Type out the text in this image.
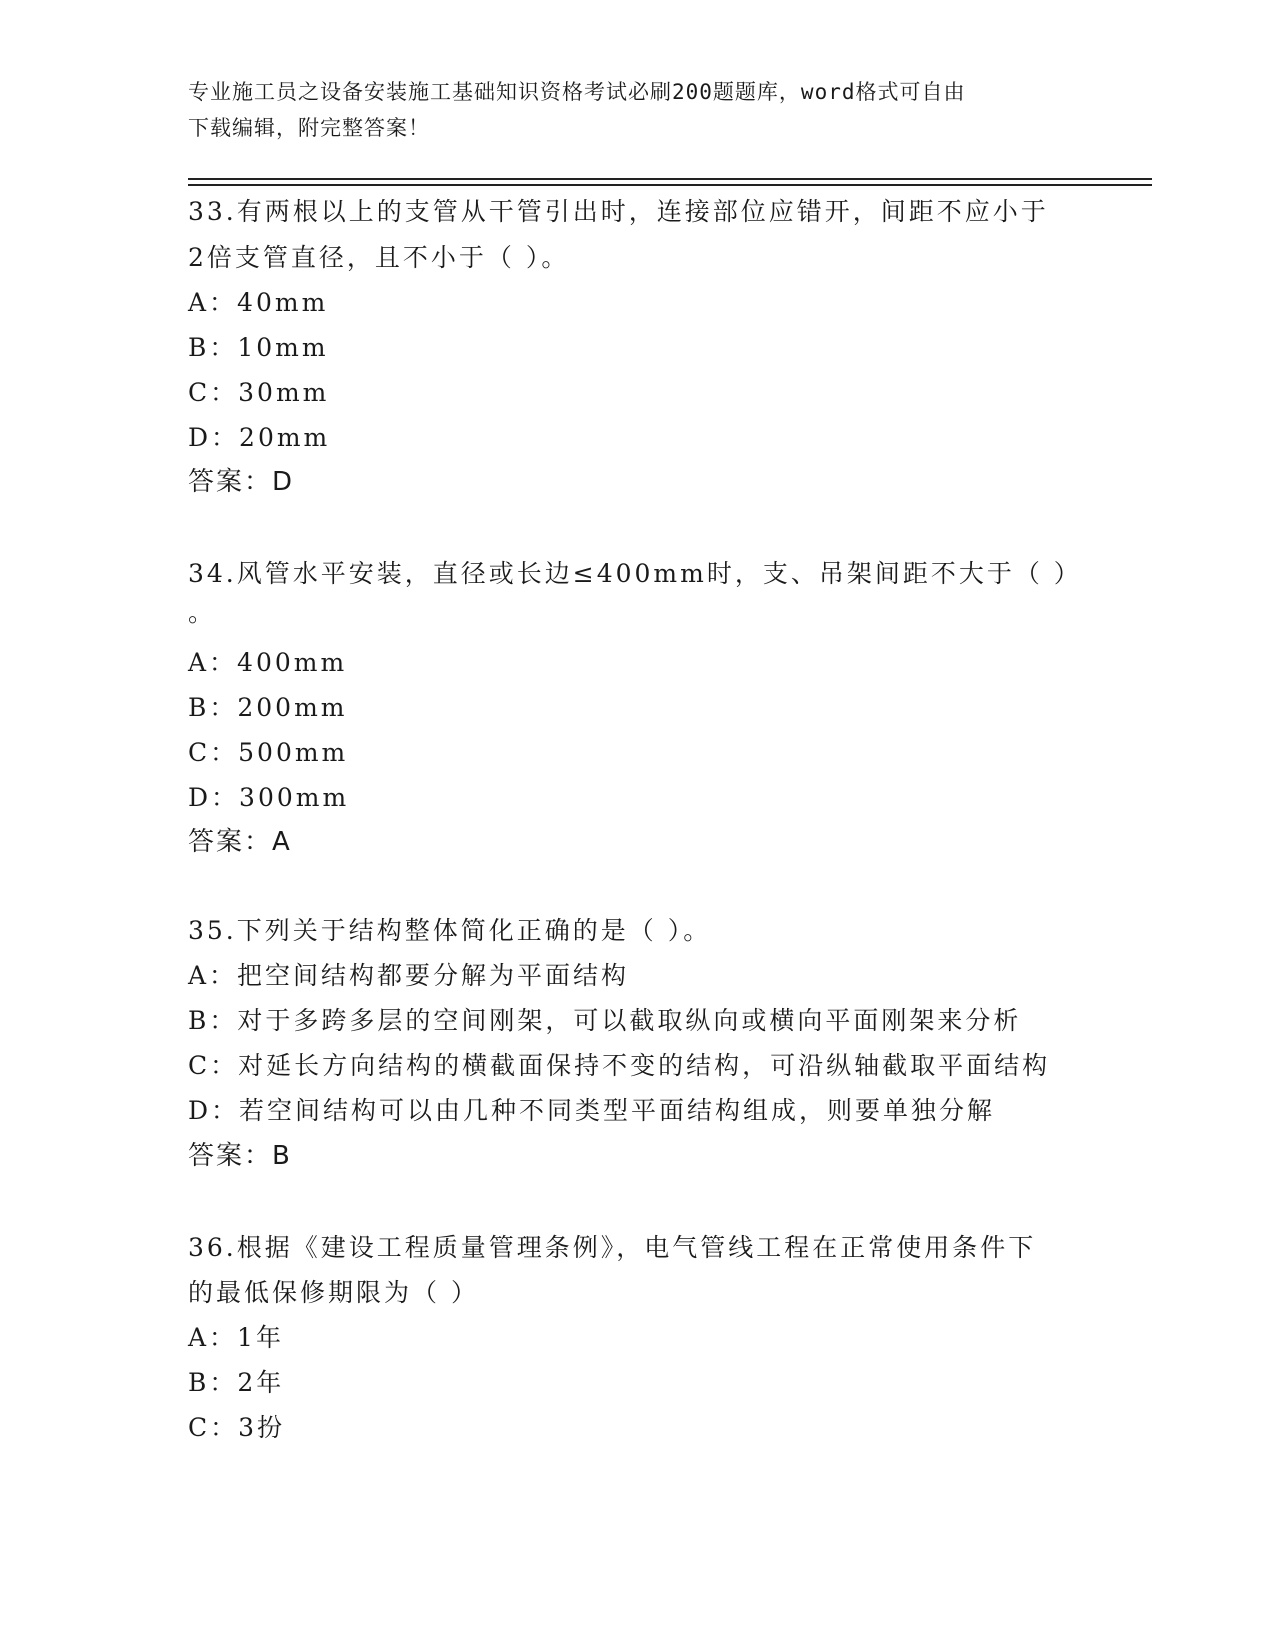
专业施工员之设备安装施工基础知识资格考试必刷200题题库，word格式可自由
下载编辑，附完整答案！
33.有两根以上的支管从干管引出时，连接部位应错开，间距不应小于
2倍支管直径，且不小于（ ）。
A：40mm
B：10mm
C：30mm
D：20mm
答案：D
34.风管水平安装，直径或长边≤400mm时，支、吊架间距不大于（ ）
。
A：400mm
B：200mm
C：500mm
D：300mm
答案：A
35.下列关于结构整体简化正确的是（ ）。
A：把空间结构都要分解为平面结构
B：对于多跨多层的空间刚架，可以截取纵向或横向平面刚架来分析
C：对延长方向结构的横截面保持不变的结构，可沿纵轴截取平面结构
D：若空间结构可以由几种不同类型平面结构组成，则要单独分解
答案：B
36.根据《建设工程质量管理条例》，电气管线工程在正常使用条件下
的最低保修期限为（ ）
A：1年
B：2年
C：3扮
